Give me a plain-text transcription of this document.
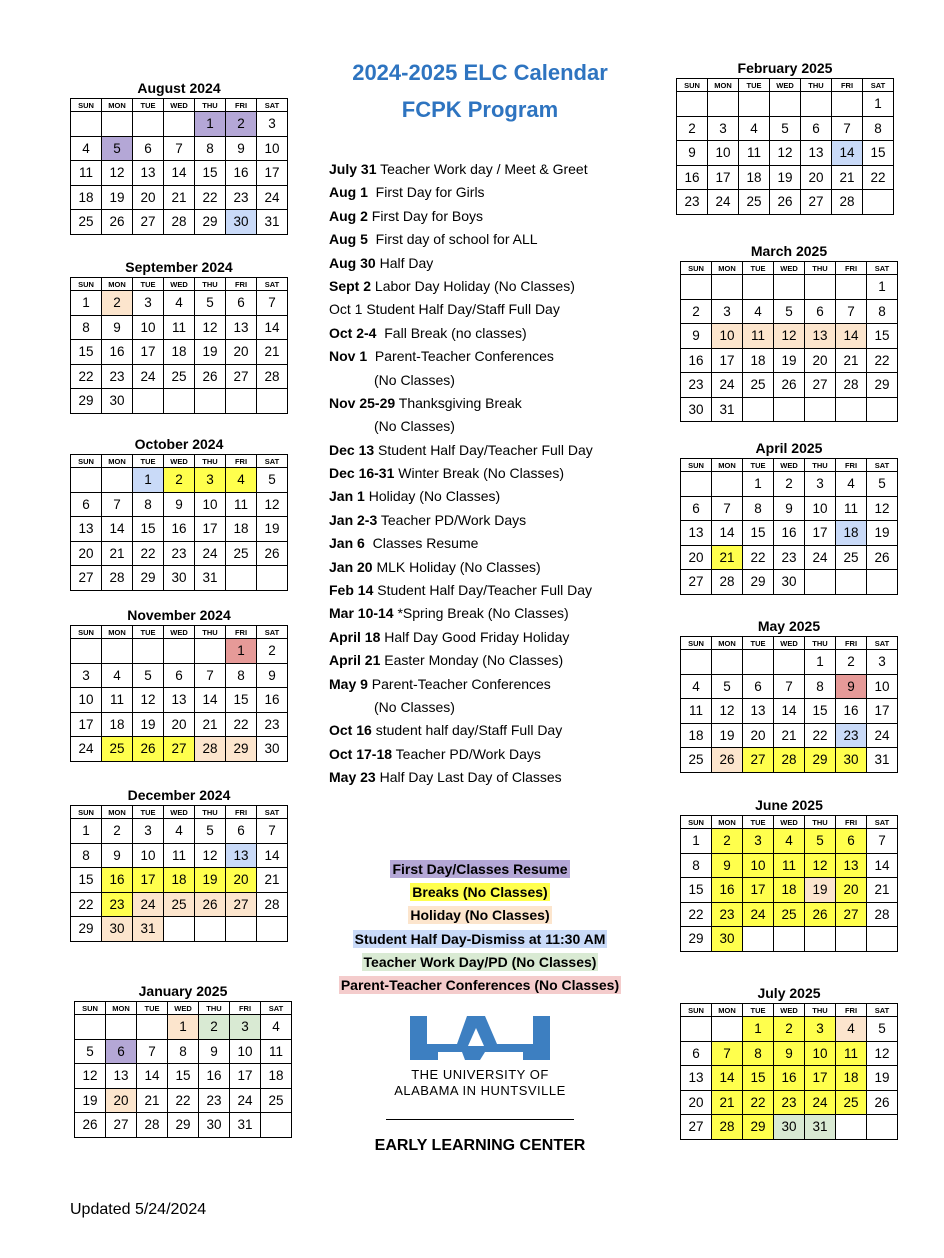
2024-2025 ELC Calendar
FCPK Program
August 2024
SUN	MON	TUE	WED	THU	FRI	SAT
				1	2	3
4	5	6	7	8	9	10
11	12	13	14	15	16	17
18	19	20	21	22	23	24
25	26	27	28	29	30	31
September 2024
SUN	MON	TUE	WED	THU	FRI	SAT
1	2	3	4	5	6	7
8	9	10	11	12	13	14
15	16	17	18	19	20	21
22	23	24	25	26	27	28
29	30					
October 2024
SUN	MON	TUE	WED	THU	FRI	SAT
		1	2	3	4	5
6	7	8	9	10	11	12
13	14	15	16	17	18	19
20	21	22	23	24	25	26
27	28	29	30	31		
November 2024
SUN	MON	TUE	WED	THU	FRI	SAT
					1	2
3	4	5	6	7	8	9
10	11	12	13	14	15	16
17	18	19	20	21	22	23
24	25	26	27	28	29	30
December 2024
SUN	MON	TUE	WED	THU	FRI	SAT
1	2	3	4	5	6	7
8	9	10	11	12	13	14
15	16	17	18	19	20	21
22	23	24	25	26	27	28
29	30	31				
January 2025
SUN	MON	TUE	WED	THU	FRI	SAT
			1	2	3	4
5	6	7	8	9	10	11
12	13	14	15	16	17	18
19	20	21	22	23	24	25
26	27	28	29	30	31	
February 2025
SUN	MON	TUE	WED	THU	FRI	SAT
						1
2	3	4	5	6	7	8
9	10	11	12	13	14	15
16	17	18	19	20	21	22
23	24	25	26	27	28	
March 2025
SUN	MON	TUE	WED	THU	FRI	SAT
						1
2	3	4	5	6	7	8
9	10	11	12	13	14	15
16	17	18	19	20	21	22
23	24	25	26	27	28	29
30	31					
April 2025
SUN	MON	TUE	WED	THU	FRI	SAT
		1	2	3	4	5
6	7	8	9	10	11	12
13	14	15	16	17	18	19
20	21	22	23	24	25	26
27	28	29	30			
May 2025
SUN	MON	TUE	WED	THU	FRI	SAT
				1	2	3
4	5	6	7	8	9	10
11	12	13	14	15	16	17
18	19	20	21	22	23	24
25	26	27	28	29	30	31
June 2025
SUN	MON	TUE	WED	THU	FRI	SAT
1	2	3	4	5	6	7
8	9	10	11	12	13	14
15	16	17	18	19	20	21
22	23	24	25	26	27	28
29	30					
July 2025
SUN	MON	TUE	WED	THU	FRI	SAT
		1	2	3	4	5
6	7	8	9	10	11	12
13	14	15	16	17	18	19
20	21	22	23	24	25	26
27	28	29	30	31		
July 31 Teacher Work day / Meet & Greet
Aug 1  First Day for Girls
Aug 2 First Day for Boys
Aug 5  First day of school for ALL
Aug 30 Half Day
Sept 2 Labor Day Holiday (No Classes)
Oct 1 Student Half Day/Staff Full Day
Oct 2-4  Fall Break (no classes)
Nov 1  Parent-Teacher Conferences
(No Classes)
Nov 25-29 Thanksgiving Break
(No Classes)
Dec 13 Student Half Day/Teacher Full Day
Dec 16-31 Winter Break (No Classes)
Jan 1 Holiday (No Classes)
Jan 2-3 Teacher PD/Work Days
Jan 6  Classes Resume
Jan 20 MLK Holiday (No Classes)
Feb 14 Student Half Day/Teacher Full Day
Mar 10-14 *Spring Break (No Classes)
April 18 Half Day Good Friday Holiday
April 21 Easter Monday (No Classes)
May 9 Parent-Teacher Conferences
(No Classes)
Oct 16 student half day/Staff Full Day
Oct 17-18 Teacher PD/Work Days
May 23 Half Day Last Day of Classes
First Day/Classes Resume
Breaks (No Classes)
Holiday (No Classes)
Student Half Day-Dismiss at 11:30 AM
Teacher Work Day/PD (No Classes)
Parent-Teacher Conferences (No Classes)
THE UNIVERSITY OF
ALABAMA IN HUNTSVILLE
EARLY LEARNING CENTER
Updated 5/24/2024
